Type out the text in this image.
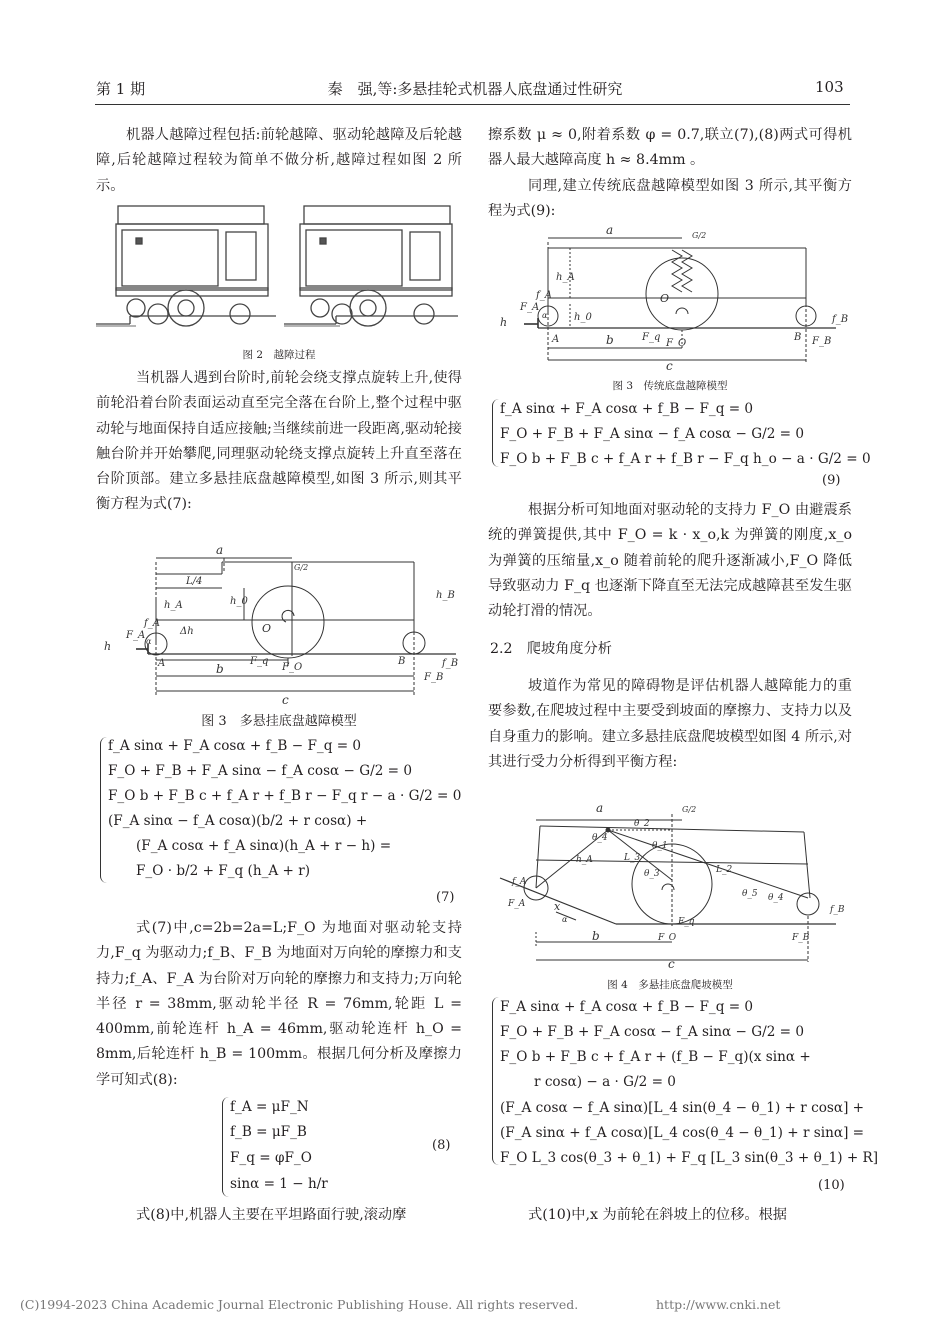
第 1 期	秦　强,等:多悬挂轮式机器人底盘通过性研究	103
机器人越障过程包括:前轮越障、驱动轮越障及后轮越障,后轮越障过程较为简单不做分析,越障过程如图 2 所示。
图 2　越障过程
当机器人遇到台阶时,前轮会绕支撑点旋转上升,使得前轮沿着台阶表面运动直至完全落在台阶上,整个过程中驱动轮与地面保持自适应接触;当继续前进一段距离,驱动轮接触台阶并开始攀爬,同理驱动轮绕支撑点旋转上升直至落在台阶顶部。建立多悬挂底盘越障模型,如图 3 所示,则其平衡方程为式(7):
a
G/2
L/4
h_0
h_A
h_B
Δh	O
f_A
F_A
α
h
A	F_q
F_O
B	f_B
F_B
b
c
图 3　多悬挂底盘越障模型
f_A sinα + F_A cosα + f_B − F_q = 0
F_O + F_B + F_A sinα − f_A cosα − G/2 = 0
F_O b + F_B c + f_A r + f_B r − F_q r − a · G/2 = 0
(F_A sinα − f_A cosα)(b/2 + r cosα) +
(F_A cosα + f_A sinα)(h_A + r − h) =
F_O · b/2 + F_q (h_A + r)
(7)
式(7)中,c=2b=2a=L;F_O 为地面对驱动轮支持力,F_q 为驱动力;f_B、F_B 为地面对万向轮的摩擦力和支持力;f_A、F_A 为台阶对万向轮的摩擦力和支持力;万向轮半径 r = 38mm,驱动轮半径 R = 76mm,轮距 L = 400mm,前轮连杆 h_A = 46mm,驱动轮连杆 h_O = 8mm,后轮连杆 h_B = 100mm。根据几何分析及摩擦力学可知式(8):
f_A = μF_N
f_B = μF_B
F_q = φF_O
sinα = 1 − h/r
(8)
式(8)中,机器人主要在平坦路面行驶,滚动摩
擦系数 μ ≈ 0,附着系数 φ = 0.7,联立(7),(8)两式可得机器人最大越障高度 h ≈ 8.4mm 。
同理,建立传统底盘越障模型如图 3 所示,其平衡方程为式(9):
a	G/2
h_A
h_0
O
f_A
F_A
α
h
A	F_q
F_O
B F_B
f_B
b
c
图 3　传统底盘越障模型
f_A sinα + F_A cosα + f_B − F_q = 0
F_O + F_B + F_A sinα − f_A cosα − G/2 = 0
F_O b + F_B c + f_A r + f_B r − F_q h_o − a · G/2 = 0
(9)
根据分析可知地面对驱动轮的支持力 F_O 由避震系统的弹簧提供,其中 F_O = k · x_o,k 为弹簧的刚度,x_o 为弹簧的压缩量,x_o 随着前轮的爬升逐渐减小,F_O 降低导致驱动力 F_q 也逐渐下降直至无法完成越障甚至发生驱动轮打滑的情况。
2.2　爬坡角度分析
坡道作为常见的障碍物是评估机器人越障能力的重要参数,在爬坡过程中主要受到坡面的摩擦力、支持力以及自身重力的影响。建立多悬挂底盘爬坡模型如图 4 所示,对其进行受力分析得到平衡方程:
a	G/2
θ_2
θ_4
θ_1
h_A	L_3
L_2
θ_3
θ_5 θ_4
f_A
F_A	x
α	F_q
F_O	F_B
f_B
b
c
图 4　多悬挂底盘爬坡模型
F_A sinα + f_A cosα + f_B − F_q = 0
F_O + F_B + F_A cosα − f_A sinα − G/2 = 0
F_O b + F_B c + f_A r + (f_B − F_q)(x sinα +
r cosα) − a · G/2 = 0
(F_A cosα − f_A sinα)[L_4 sin(θ_4 − θ_1) + r cosα] +
(F_A sinα + f_A cosα)[L_4 cos(θ_4 − θ_1) + r sinα] =
F_O L_3 cos(θ_3 + θ_1) + F_q [L_3 sin(θ_3 + θ_1) + R]
(10)
式(10)中,x 为前轮在斜坡上的位移。根据
(C)1994-2023 China Academic Journal Electronic Publishing House. All rights reserved.	http://www.cnki.net
